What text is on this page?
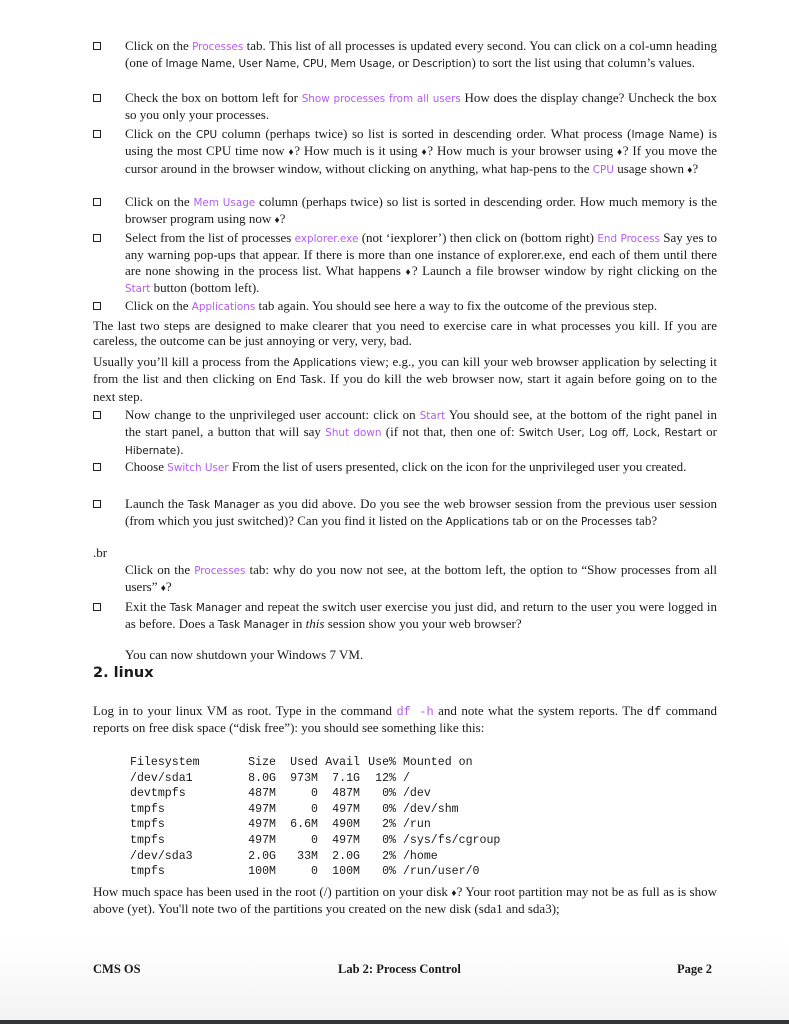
Click on the Processes tab. This list of all processes is updated every second. You can click on a col-umn heading (one of Image Name, User Name, CPU, Mem Usage, or Description) to sort the list using that column’s values.
Check the box on bottom left for Show processes from all users How does the display change? Uncheck the box so you only your processes.
Click on the CPU column (perhaps twice) so list is sorted in descending order. What process (Image Name) is using the most CPU time now ♦? How much is it using ♦? How much is your browser using ♦? If you move the cursor around in the browser window, without clicking on anything, what hap-pens to the CPU usage shown ♦?
Click on the Mem Usage column (perhaps twice) so list is sorted in descending order. How much memory is the browser program using now ♦?
Select from the list of processes explorer.exe (not ‘iexplorer’) then click on (bottom right) End Process Say yes to any warning pop-ups that appear. If there is more than one instance of explorer.exe, end each of them until there are none showing in the process list. What happens ♦? Launch a file browser window by right clicking on the Start button (bottom left).
Click on the Applications tab again. You should see here a way to fix the outcome of the previous step.
The last two steps are designed to make clearer that you need to exercise care in what processes you kill. If you are careless, the outcome can be just annoying or very, very, bad.
Usually you’ll kill a process from the Applications view; e.g., you can kill your web browser application by selecting it from the list and then clicking on End Task. If you do kill the web browser now, start it again before going on to the next step.
Now change to the unprivileged user account: click on Start You should see, at the bottom of the right panel in the start panel, a button that will say Shut down (if not that, then one of: Switch User, Log off, Lock, Restart or Hibernate).
Choose Switch User From the list of users presented, click on the icon for the unprivileged user you created.
Launch the Task Manager as you did above. Do you see the web browser session from the previous user session (from which you just switched)? Can you find it listed on the Applications tab or on the Processes tab?
.br
Click on the Processes tab: why do you now not see, at the bottom left, the option to “Show processes from all users” ♦?
Exit the Task Manager and repeat the switch user exercise you just did, and return to the user you were logged in as before. Does a Task Manager in this session show you your web browser?
You can now shutdown your Windows 7 VM.
2. linux
Log in to your linux VM as root. Type in the command df -h and note what the system reports. The df command reports on free disk space (“disk free”): you should see something like this:
How much space has been used in the root (/) partition on your disk ♦? Your root partition may not be as full as is show above (yet). You'll note two of the partitions you created on the new disk (sda1 and sda3);
Filesystem	Size	Used	Avail	Use%	Mounted on
/dev/sda1	8.0G	973M	7.1G	12%	/
devtmpfs	487M	0	487M	0%	/dev
tmpfs	497M	0	497M	0%	/dev/shm
tmpfs	497M	6.6M	490M	2%	/run
tmpfs	497M	0	497M	0%	/sys/fs/cgroup
/dev/sda3	2.0G	33M	2.0G	2%	/home
tmpfs	100M	0	100M	0%	/run/user/0
CMS OS	Lab 2: Process Control	Page 2
